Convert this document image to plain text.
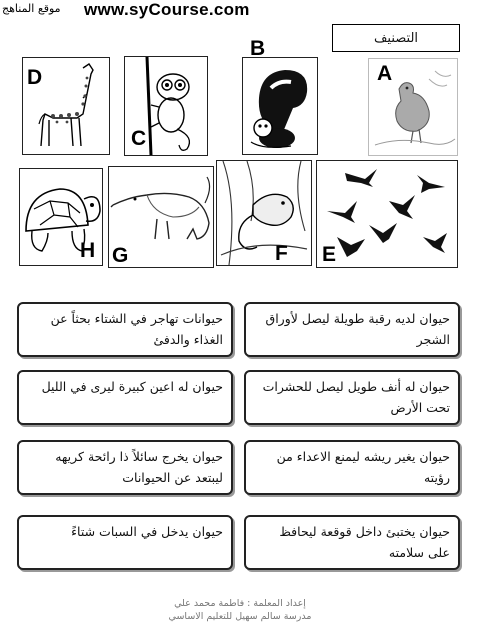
موقع المناهج www.syCourse.com
التصنيف
D
C
B
A
H G	F E
حيوان لديه رقبة طويلة ليصل لأوراق الشجر
حيوانات تهاجر في الشتاء بحثاً عن الغذاء والدفئ
حيوان له أنف طويل ليصل للحشرات تحت الأرض
حيوان له اعين كبيرة ليرى في الليل
حيوان يغير ريشه ليمنع الاعداء من رؤيته
حيوان يخرج سائلاً ذا رائحة كريهه ليبتعد عن الحيوانات
حيوان يختبئ داخل قوقعة ليحافظ على سلامته
حيوان يدخل في السبات شتاءً
إعداد المعلمة : فاطمة محمد علي
مدرسة سالم سهيل للتعليم الاساسي
